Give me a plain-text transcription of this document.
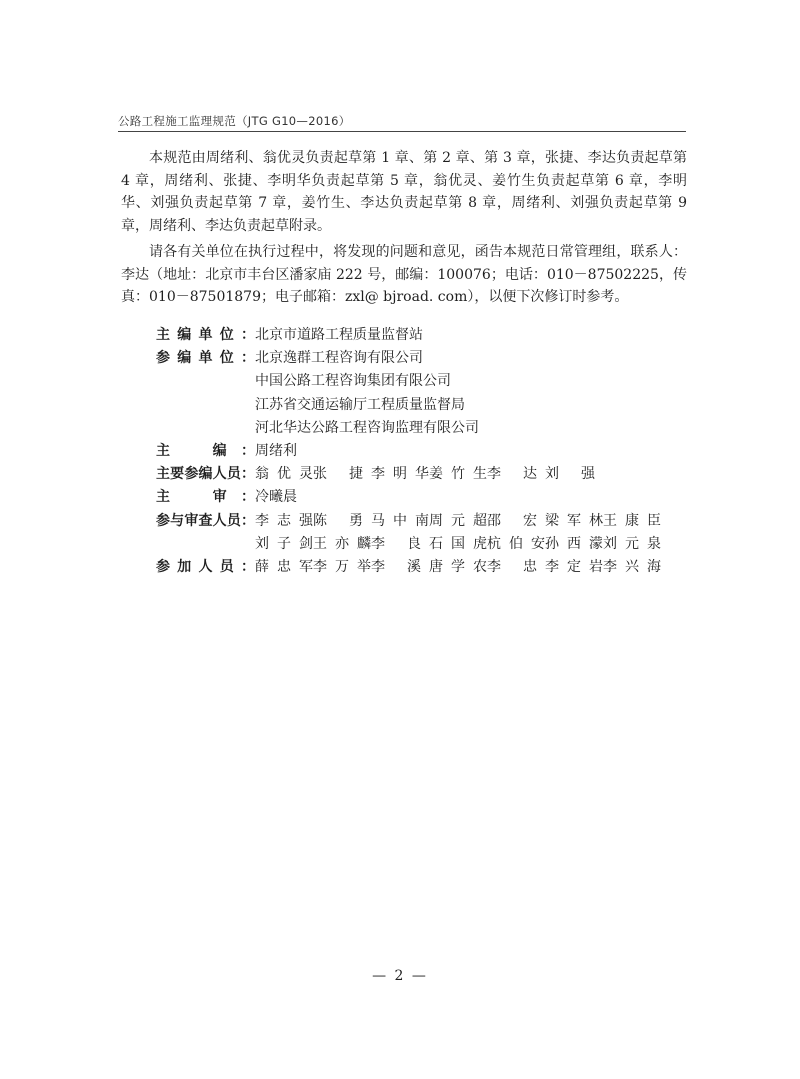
公路工程施工监理规范（JTG G10—2016）

本规范由周绪利、翁优灵负责起草第 1 章、第 2 章、第 3 章，张捷、李达负责起草第 4 章，周绪利、张捷、李明华负责起草第 5 章，翁优灵、姜竹生负责起草第 6 章，李明华、刘强负责起草第 7 章，姜竹生、李达负责起草第 8 章，周绪利、刘强负责起草第 9 章，周绪利、李达负责起草附录。

请各有关单位在执行过程中，将发现的问题和意见，函告本规范日常管理组，联系人：李达（地址：北京市丰台区潘家庙 222 号，邮编：100076；电话：010－87502225，传真：010－87501879；电子邮箱：zxl@ bjroad. com），以便下次修订时参考。

主编单位： 北京市道路工程质量监督站
参编单位： 北京逸群工程咨询有限公司
中国公路工程咨询集团有限公司
江苏省交通运输厅工程质量监督局
河北华达公路工程咨询监理有限公司
主　编： 周绪利
主要参编人员： 翁优灵 张捷 李明华 姜竹生 李达 刘强
主　审： 冷曦晨
参与审查人员： 李志强 陈勇 马中南 周元超 邵宏 梁军林 王康臣
刘子剑 王亦麟 李良 石国虎 杭伯安 孙西濛 刘元泉
参加人员： 薛忠军 李万举 李溪 唐学农 李忠 李定岩 李兴海
— 2 —
